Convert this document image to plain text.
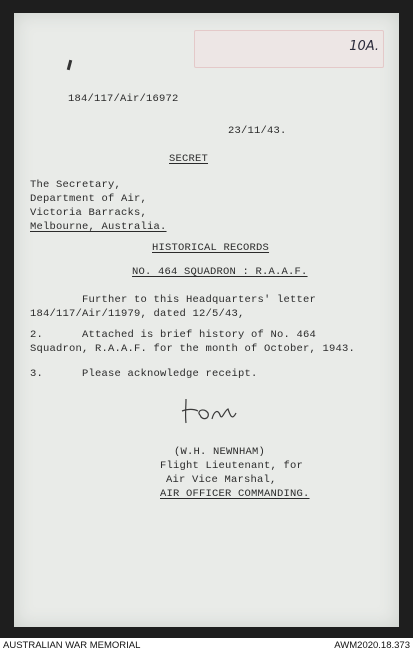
10A.
184/117/Air/16972
23/11/43.
SECRET
The Secretary,
Department of Air,
Victoria Barracks,
Melbourne, Australia.
HISTORICAL RECORDS
NO. 464 SQUADRON : R.A.A.F.
Further to this Headquarters' letter
184/117/Air/11979, dated 12/5/43,
2.	Attached is brief history of No. 464
Squadron, R.A.A.F. for the month of October, 1943.
3.	Please acknowledge receipt.
(W.H. NEWNHAM)
Flight Lieutenant, for
Air Vice Marshal,
AIR OFFICER COMMANDING.
AUSTRALIAN WAR MEMORIAL	AWM2020.18.373
